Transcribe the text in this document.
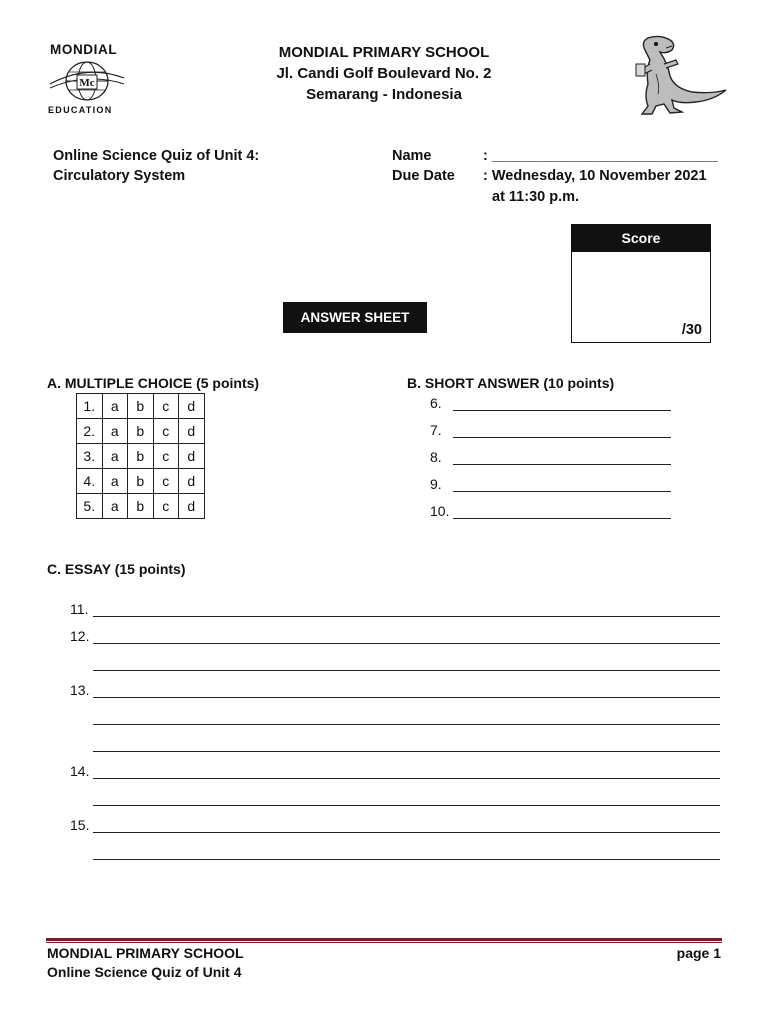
MONDIAL
Mc
EDUCATION
MONDIAL PRIMARY SCHOOL
Jl. Candi Golf Boulevard No. 2
Semarang - Indonesia
Online Science Quiz of Unit 4:
Circulatory System
Name	: ____________________________
Due Date : Wednesday, 10 November 2021
at 11:30 p.m.
Score
/30
ANSWER SHEET
A. MULTIPLE CHOICE (5 points)
1.	a	b	c	d
2.	a	b	c	d
3.	a	b	c	d
4.	a	b	c	d
5.	a	b	c	d
B. SHORT ANSWER (10 points)
6.
7.
8.
9.
10.
C. ESSAY (15 points)
11.
12.
13.
14.
15.
MONDIAL PRIMARY SCHOOL
Online Science Quiz of Unit 4
page 1
